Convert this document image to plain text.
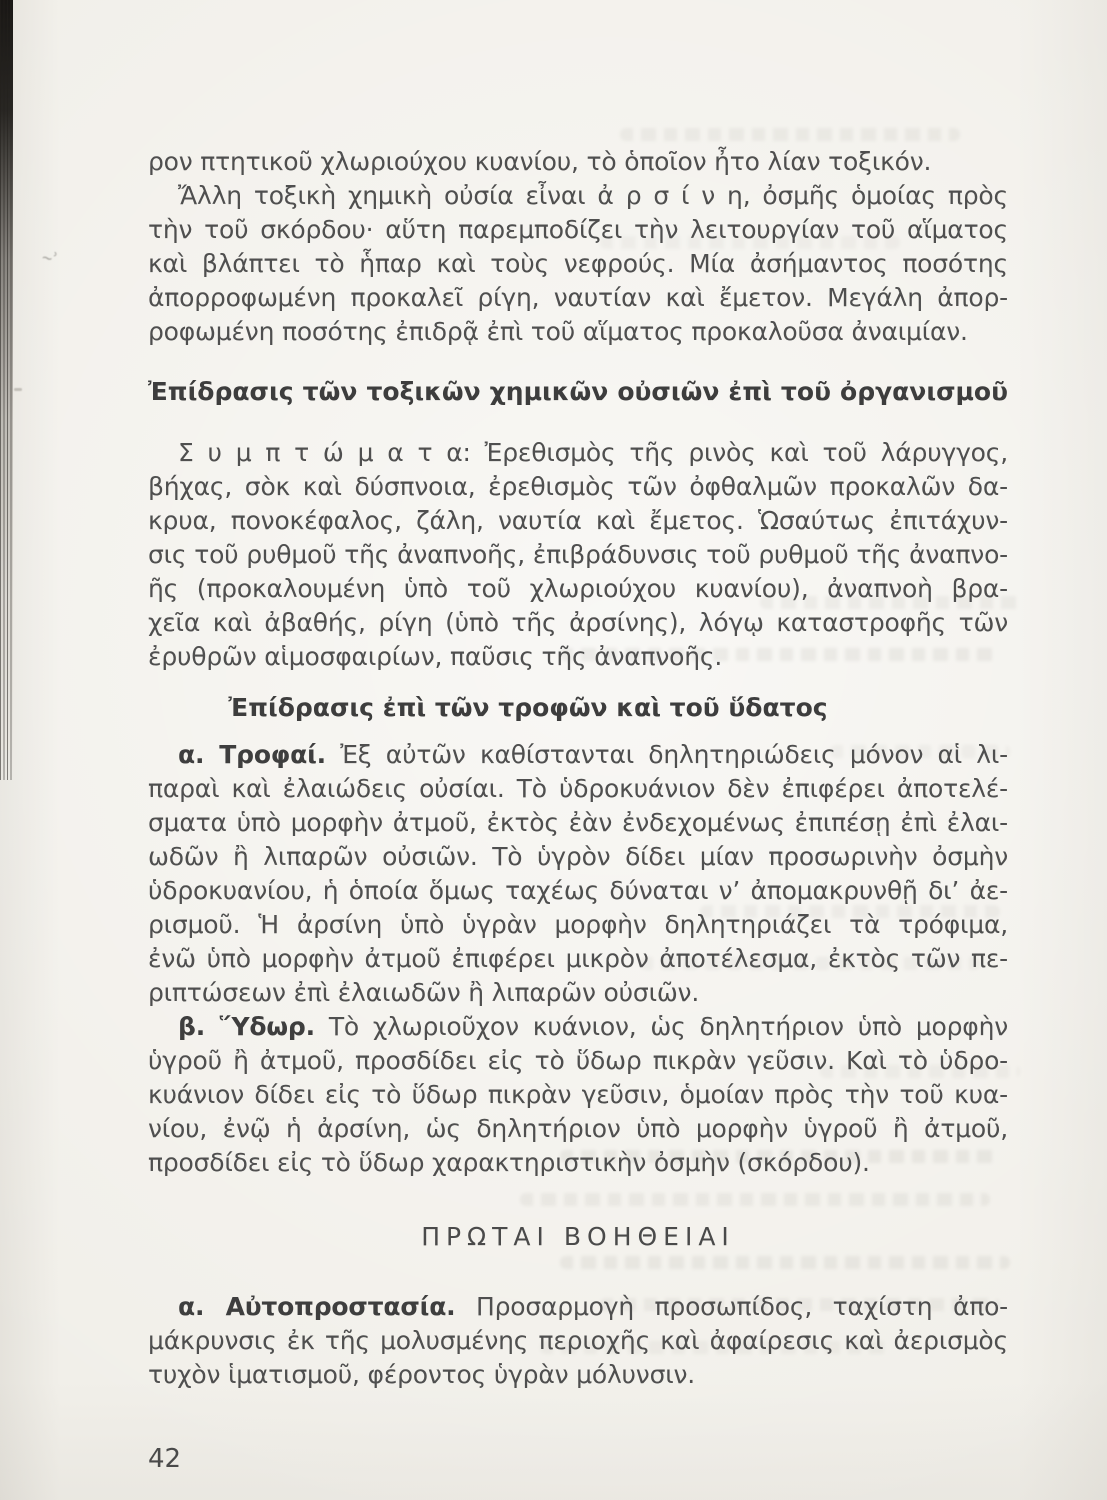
̴ʾ
ρον πτητικοῦ χλωριούχου κυανίου, τὸ ὁποῖον ἦτο λίαν τοξικόν.
Ἄλλη τοξικὴ χημικὴ οὐσία εἶναι ἀ ρ σ ί ν η, ὀσμῆς ὁμοίας πρὸς
τὴν τοῦ σκόρδου· αὕτη παρεμποδίζει τὴν λειτουργίαν τοῦ αἵματος
καὶ βλάπτει τὸ ἧπαρ καὶ τοὺς νεφρούς. Μία ἀσήμαντος ποσότης
ἀπορροφωμένη προκαλεῖ ρίγη, ναυτίαν καὶ ἔμετον. Μεγάλη ἀπορ-
ροφωμένη ποσότης ἐπιδρᾷ ἐπὶ τοῦ αἵματος προκαλοῦσα ἀναιμίαν.
Ἐπίδρασις τῶν τοξικῶν χημικῶν οὐσιῶν ἐπὶ τοῦ ὀργανισμοῦ
Σ υ μ π τ ώ μ α τ α: Ἐρεθισμὸς τῆς ρινὸς καὶ τοῦ λάρυγγος,
βήχας, σὸκ καὶ δύσπνοια, ἐρεθισμὸς τῶν ὀφθαλμῶν προκαλῶν δα-
κρυα, πονοκέφαλος, ζάλη, ναυτία καὶ ἔμετος. Ὡσαύτως ἐπιτάχυν-
σις τοῦ ρυθμοῦ τῆς ἀναπνοῆς, ἐπιβράδυνσις τοῦ ρυθμοῦ τῆς ἀναπνο-
ῆς (προκαλουμένη ὑπὸ τοῦ χλωριούχου κυανίου), ἀναπνοὴ βρα-
χεῖα καὶ ἀβαθής, ρίγη (ὑπὸ τῆς ἀρσίνης), λόγῳ καταστροφῆς τῶν
ἐρυθρῶν αἱμοσφαιρίων, παῦσις τῆς ἀναπνοῆς.
Ἐπίδρασις ἐπὶ τῶν τροφῶν καὶ τοῦ ὕδατος
α. Τροφαί. Ἐξ αὐτῶν καθίστανται δηλητηριώδεις μόνον αἱ λι-
παραὶ καὶ ἐλαιώδεις οὐσίαι. Τὸ ὑδροκυάνιον δὲν ἐπιφέρει ἀποτελέ-
σματα ὑπὸ μορφὴν ἀτμοῦ, ἐκτὸς ἐὰν ἐνδεχομένως ἐπιπέσῃ ἐπὶ ἐλαι-
ωδῶν ἢ λιπαρῶν οὐσιῶν. Τὸ ὑγρὸν δίδει μίαν προσωρινὴν ὀσμὴν
ὑδροκυανίου, ἡ ὁποία ὅμως ταχέως δύναται ν’ ἀπομακρυνθῇ δι’ ἀε-
ρισμοῦ. Ἡ ἀρσίνη ὑπὸ ὑγρὰν μορφὴν δηλητηριάζει τὰ τρόφιμα,
ἐνῶ ὑπὸ μορφὴν ἀτμοῦ ἐπιφέρει μικρὸν ἀποτέλεσμα, ἐκτὸς τῶν πε-
ριπτώσεων ἐπὶ ἐλαιωδῶν ἢ λιπαρῶν οὐσιῶν.
β. Ὕδωρ. Τὸ χλωριοῦχον κυάνιον, ὡς δηλητήριον ὑπὸ μορφὴν
ὑγροῦ ἢ ἀτμοῦ, προσδίδει εἰς τὸ ὕδωρ πικρὰν γεῦσιν. Καὶ τὸ ὑδρο-
κυάνιον δίδει εἰς τὸ ὕδωρ πικρὰν γεῦσιν, ὁμοίαν πρὸς τὴν τοῦ κυα-
νίου, ἐνῷ ἡ ἀρσίνη, ὡς δηλητήριον ὑπὸ μορφὴν ὑγροῦ ἢ ἀτμοῦ,
προσδίδει εἰς τὸ ὕδωρ χαρακτηριστικὴν ὀσμὴν (σκόρδου).
ΠΡΩΤΑΙ ΒΟΗΘΕΙΑΙ
α. Αὐτοπροστασία. Προσαρμογὴ προσωπίδος, ταχίστη ἀπο-
μάκρυνσις ἐκ τῆς μολυσμένης περιοχῆς καὶ ἀφαίρεσις καὶ ἀερισμὸς
τυχὸν ἱματισμοῦ, φέροντος ὑγρὰν μόλυνσιν.
42
